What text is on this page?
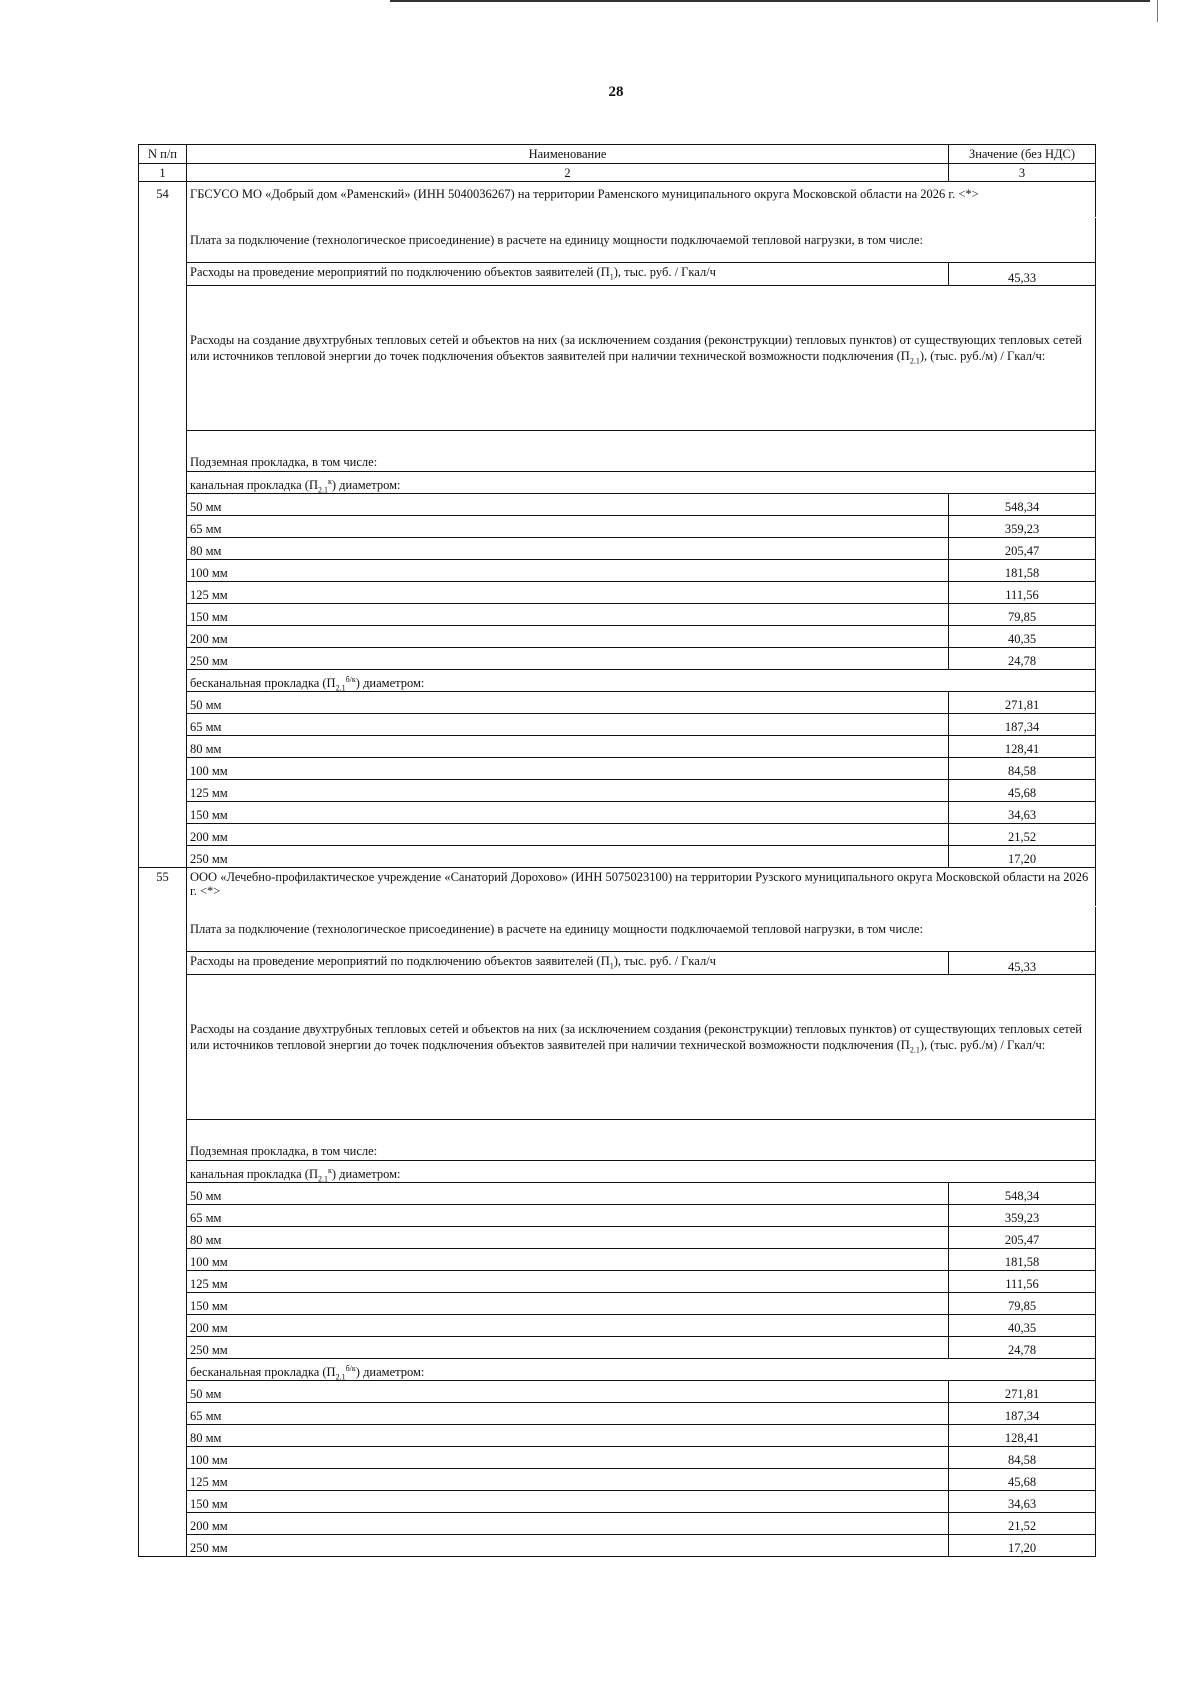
28
N п/п	Наименование	Значение (без НДС)
1	2	3
54	ГБСУСО МО «Добрый дом «Раменский» (ИНН 5040036267) на территории Раменского муниципального округа Московской области на 2026 г. <*>	
	Плата за подключение (технологическое присоединение) в расчете на единицу мощности подключаемой тепловой нагрузки, в том числе:	
	Расходы на проведение мероприятий по подключению объектов заявителей $(П_1)$, тыс. руб. / Гкал/ч	45,33
	Расходы на создание двухтрубных тепловых сетей и объектов на них (за исключением создания (реконструкции) тепловых пунктов) от существующих тепловых сетей или источников тепловой энергии до точек подключения объектов заявителей при наличии технической возможности подключения $(П_{2.1})$, (тыс. руб./м) / Гкал/ч:	
	Подземная прокладка, в том числе:	
	канальная прокладка $(П_{2.1}^к)$ диаметром:	
	50 мм	548,34
	65 мм	359,23
	80 мм	205,47
	100 мм	181,58
	125 мм	111,56
	150 мм	79,85
	200 мм	40,35
	250 мм	24,78
	бесканальная прокладка $(П_{2.1}^{б/к})$ диаметром:	
	50 мм	271,81
	65 мм	187,34
	80 мм	128,41
	100 мм	84,58
	125 мм	45,68
	150 мм	34,63
	200 мм	21,52
	250 мм	17,20
55	ООО «Лечебно-профилактическое учреждение «Санаторий Дорохово» (ИНН 5075023100) на территории Рузского муниципального округа Московской области на 2026 г. <*>	
	Плата за подключение (технологическое присоединение) в расчете на единицу мощности подключаемой тепловой нагрузки, в том числе:	
	Расходы на проведение мероприятий по подключению объектов заявителей $(П_1)$, тыс. руб. / Гкал/ч	45,33
	Расходы на создание двухтрубных тепловых сетей и объектов на них (за исключением создания (реконструкции) тепловых пунктов) от существующих тепловых сетей или источников тепловой энергии до точек подключения объектов заявителей при наличии технической возможности подключения $(П_{2.1})$, (тыс. руб./м) / Гкал/ч:	
	Подземная прокладка, в том числе:	
	канальная прокладка $(П_{2.1}^к)$ диаметром:	
	50 мм	548,34
	65 мм	359,23
	80 мм	205,47
	100 мм	181,58
	125 мм	111,56
	150 мм	79,85
	200 мм	40,35
	250 мм	24,78
	бесканальная прокладка $(П_{2.1}^{б/к})$ диаметром:	
	50 мм	271,81
	65 мм	187,34
	80 мм	128,41
	100 мм	84,58
	125 мм	45,68
	150 мм	34,63
	200 мм	21,52
	250 мм	17,20
